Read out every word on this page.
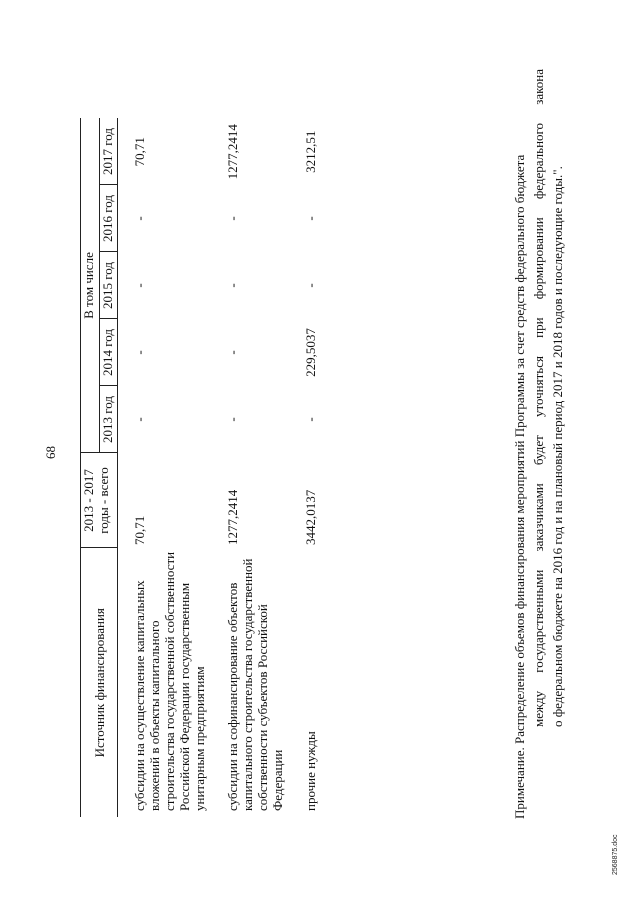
68
Источник финансирования	2013 - 2017 годы - всего	В том числе				
		2013 год	2014 год	2015 год	2016 год	2017 год
субсидии на осуществление капитальных вложений в объекты капитального строительства государственной собственности Российской Федерации государственным унитарным предприятиям	70,71	-	-	-	-	70,71
субсидии на софинансирование объектов капитального строительства государственной собственности субъектов Российской Федерации	1277,2414	-	-	-	-	1277,2414
прочие нужды	3442,0137	-	229,5037	-	-	3212,51
Примечание. Распределение объемов финансирования мероприятий Программы за счет средств федерального бюджета между государственными заказчиками будет уточняться при формировании федерального закона о федеральном бюджете на 2016 год и на плановый период 2017 и 2018 годов и последующие годы.".
2568875.doc
